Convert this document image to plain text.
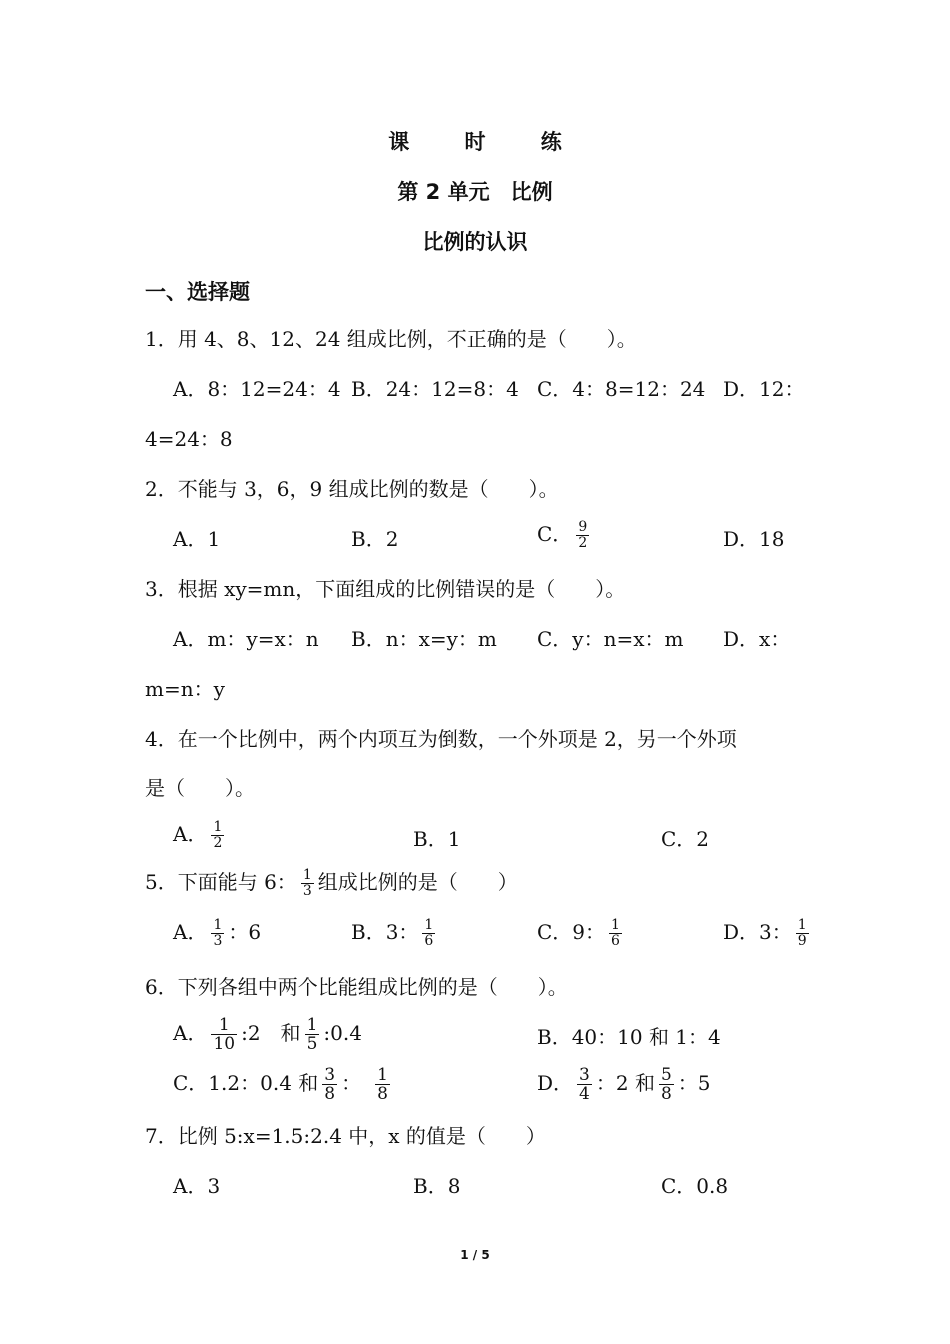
课 时 练
第 2 单元　比例
比例的认识
一、选择题
1．用 4、8、12、24 组成比例，不正确的是（　　）。
A．8：12=24：4 B．24：12=8：4 C．4：8=12：24 D．12：
4=24：8
2．不能与 3，6，9 组成比例的数是（　　）。
A．1	B．2	C． $\frac{9}{2}$	D．18
3．根据 xy=mn，下面组成的比例错误的是（　　）。
A．m：y=x：n B．n：x=y：m C．y：n=x：m D．x：
m=n：y
4．在一个比例中，两个内项互为倒数，一个外项是 2，另一个外项
是（　　）。
A． $\frac{1}{2}$	B．1	C．2
5．下面能与 6： $\frac{1}{3}$ 组成比例的是（　　）
A． $\frac{1}{3}$ ：6	B．3： $\frac{1}{6}$	C．9： $\frac{1}{6}$	D．3： $\frac{1}{9}$
6．下列各组中两个比能组成比例的是（　　）。
A． $\frac{1}{10}$ :2　和 $\frac{1}{5}$ :0.4	B．40：10 和 1：4
C．1.2：0.4 和 $\frac{3}{8}$ ： $\frac{1}{8}$	D． $\frac{3}{4}$ ：2 和 $\frac{5}{8}$ ：5
7．比例 5:x=1.5:2.4 中，x 的值是（　　）
A．3	B．8	C．0.8
1 / 5
